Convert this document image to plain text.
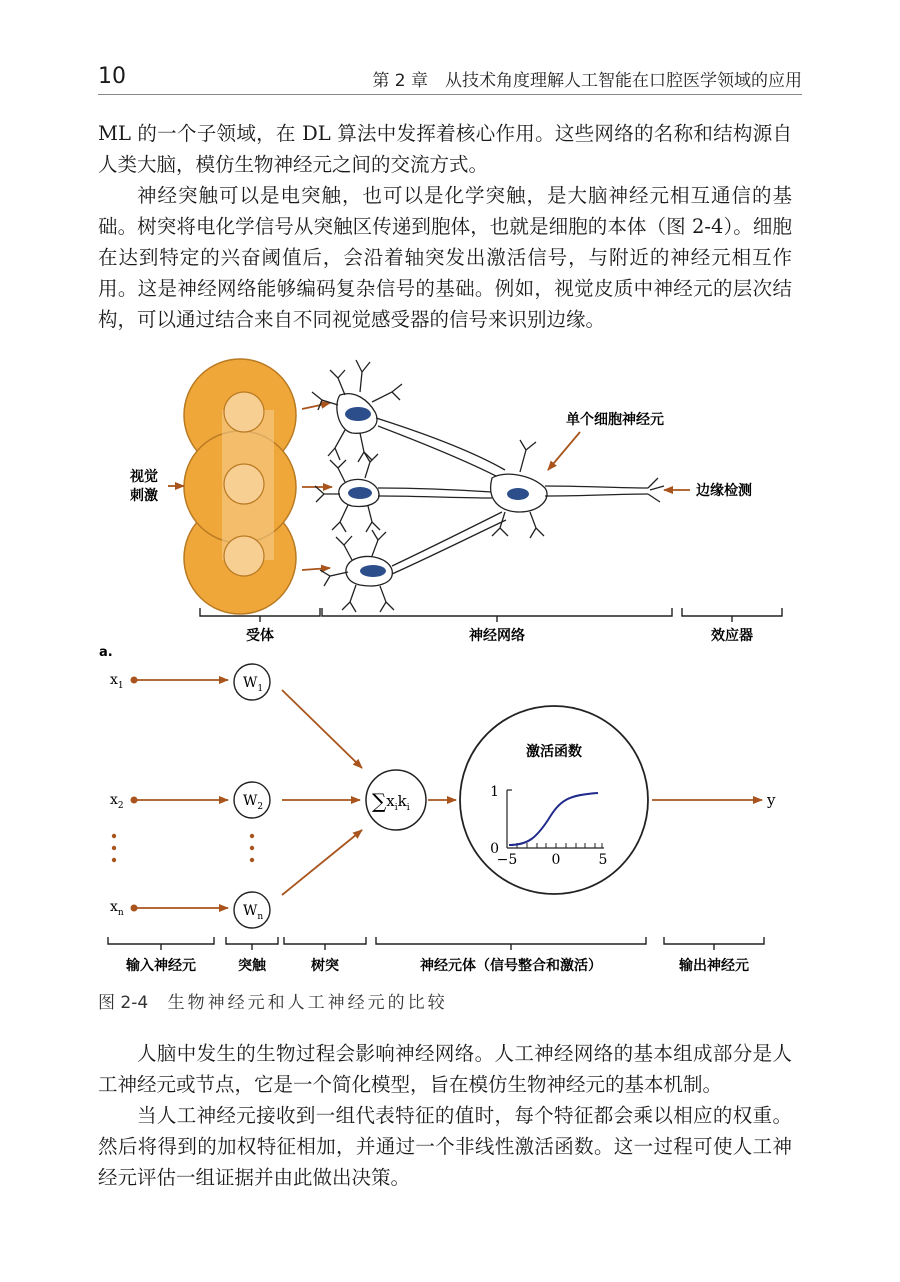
10	第 2 章　从技术角度理解人工智能在口腔医学领域的应用

ML 的一个子领域，在 DL 算法中发挥着核心作用。这些网络的名称和结构源自人类大脑，模仿生物神经元之间的交流方式。

神经突触可以是电突触，也可以是化学突触，是大脑神经元相互通信的基础。树突将电化学信号从突触区传递到胞体，也就是细胞的本体（图 2-4）。细胞在达到特定的兴奋阈值后，会沿着轴突发出激活信号，与附近的神经元相互作用。这是神经网络能够编码复杂信号的基础。例如，视觉皮质中神经元的层次结构，可以通过结合来自不同视觉感受器的信号来识别边缘。

视觉
刺激
单个细胞神经元
边缘检测
受体	神经网络	效应器
a.
$x_1$
$x_2$
$x_n$
$W_1$
$W_2$
$W_n$
$\sum x_ik_i$
激活函数
1
0
−5 0	5
y
输入神经元	突触	树突	神经元体（信号整合和激活）	输出神经元
图 2-4 生物神经元和人工神经元的比较

人脑中发生的生物过程会影响神经网络。人工神经网络的基本组成部分是人工神经元或节点，它是一个简化模型，旨在模仿生物神经元的基本机制。

当人工神经元接收到一组代表特征的值时，每个特征都会乘以相应的权重。然后将得到的加权特征相加，并通过一个非线性激活函数。这一过程可使人工神经元评估一组证据并由此做出决策。
